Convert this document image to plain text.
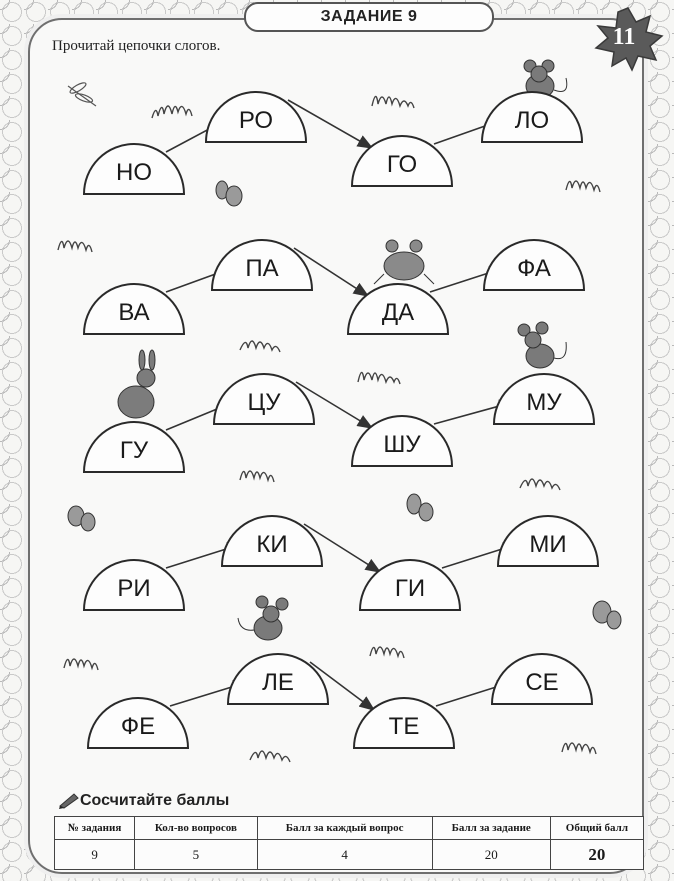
ЗАДАНИЕ 9
11
Прочитай цепочки слогов.
НО
РО
ГО
ЛО
ВА
ПА
ДА
ФА
ГУ
ЦУ
ШУ
МУ
РИ
КИ
ГИ
МИ
ФЕ
ЛЕ
ТЕ
СЕ
Сосчитайте баллы
№ задания	Кол-во вопросов	Балл за каждый вопрос	Балл за задание	Общий балл
9	5	4	20	20
